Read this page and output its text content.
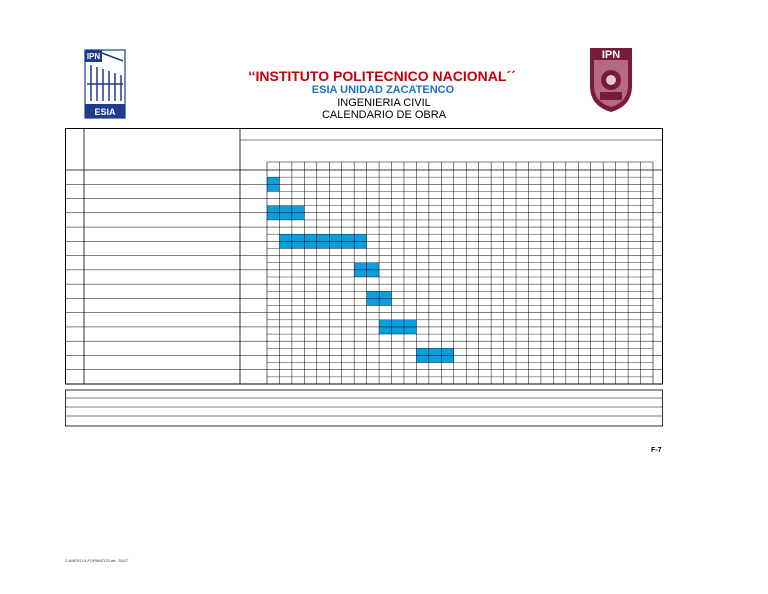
IPN
ESIA
IPN
‘‘INSTITUTO POLITECNICO NACIONAL´´
ESIA UNIDAD ZACATENCO
INGENIERIA CIVIL
CALENDARIO DE OBRA
F-7
2-ANEXO-4-FORMATOS-de -TAG7
